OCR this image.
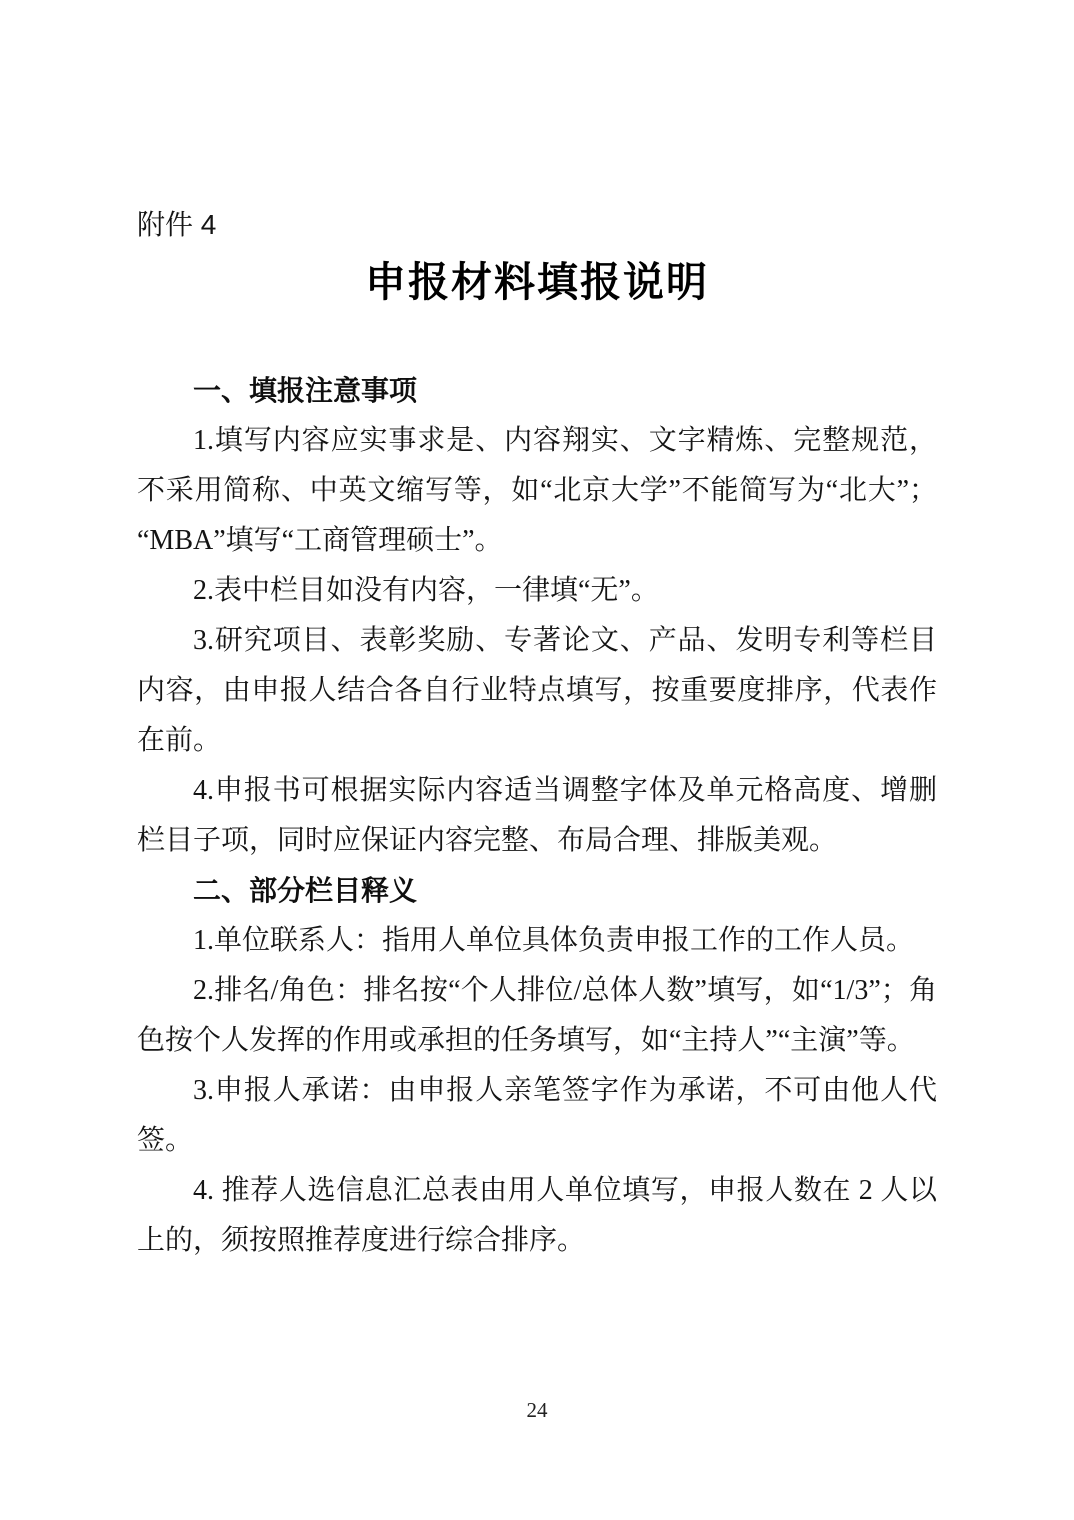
附件 4
申报材料填报说明
一、填报注意事项

1.填写内容应实事求是、内容翔实、文字精炼、完整规范，不采用简称、中英文缩写等，如“北京大学”不能简写为“北大”；“MBA”填写“工商管理硕士”。

2.表中栏目如没有内容，一律填“无”。

3.研究项目、表彰奖励、专著论文、产品、发明专利等栏目内容，由申报人结合各自行业特点填写，按重要度排序，代表作在前。

4.申报书可根据实际内容适当调整字体及单元格高度、增删栏目子项，同时应保证内容完整、布局合理、排版美观。

二、部分栏目释义

1.单位联系人：指用人单位具体负责申报工作的工作人员。

2.排名/角色：排名按“个人排位/总体人数”填写，如“1/3”；角色按个人发挥的作用或承担的任务填写，如“主持人”“主演”等。

3.申报人承诺：由申报人亲笔签字作为承诺，不可由他人代签。

4. 推荐人选信息汇总表由用人单位填写，申报人数在 2 人以上的，须按照推荐度进行综合排序。

24
